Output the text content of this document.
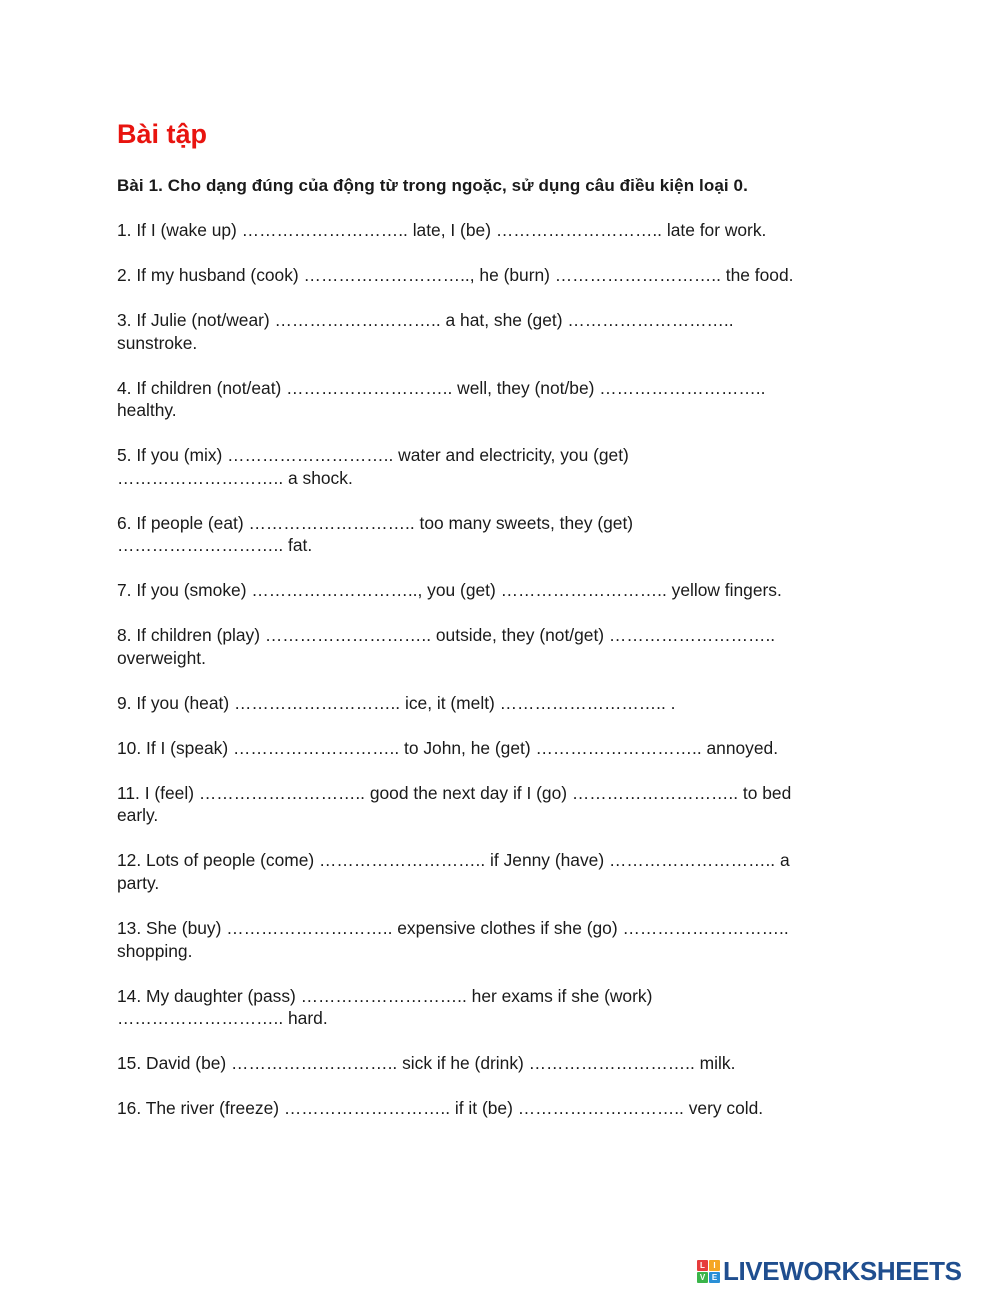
Bài tập
Bài 1. Cho dạng đúng của động từ trong ngoặc, sử dụng câu điều kiện loại 0.
1. If I (wake up) ……………………….. late, I (be) ……………………….. late for work.
2. If my husband (cook) ……………………….., he (burn) ……………………….. the food.
3. If Julie (not/wear) ……………………….. a hat, she (get) ………………………..
sunstroke.
4. If children (not/eat) ……………………….. well, they (not/be) ………………………..
healthy.
5. If you (mix) ……………………….. water and electricity, you (get)
……………………….. a shock.
6. If people (eat) ……………………….. too many sweets, they (get)
……………………….. fat.
7. If you (smoke) ……………………….., you (get) ……………………….. yellow fingers.
8. If children (play) ……………………….. outside, they (not/get) ………………………..
overweight.
9. If you (heat) ……………………….. ice, it (melt) ……………………….. .
10. If I (speak) ……………………….. to John, he (get) ……………………….. annoyed.
11. I (feel) ……………………….. good the next day if I (go) ……………………….. to bed
early.
12. Lots of people (come) ……………………….. if Jenny (have) ……………………….. a
party.
13. She (buy) ……………………….. expensive clothes if she (go) ………………………..
shopping.
14. My daughter (pass) ……………………….. her exams if she (work)
……………………….. hard.
15. David (be) ……………………….. sick if he (drink) ……………………….. milk.
16. The river (freeze) ……………………….. if it (be) ……………………….. very cold.
L	I
V E LIVEWORKSHEETS
